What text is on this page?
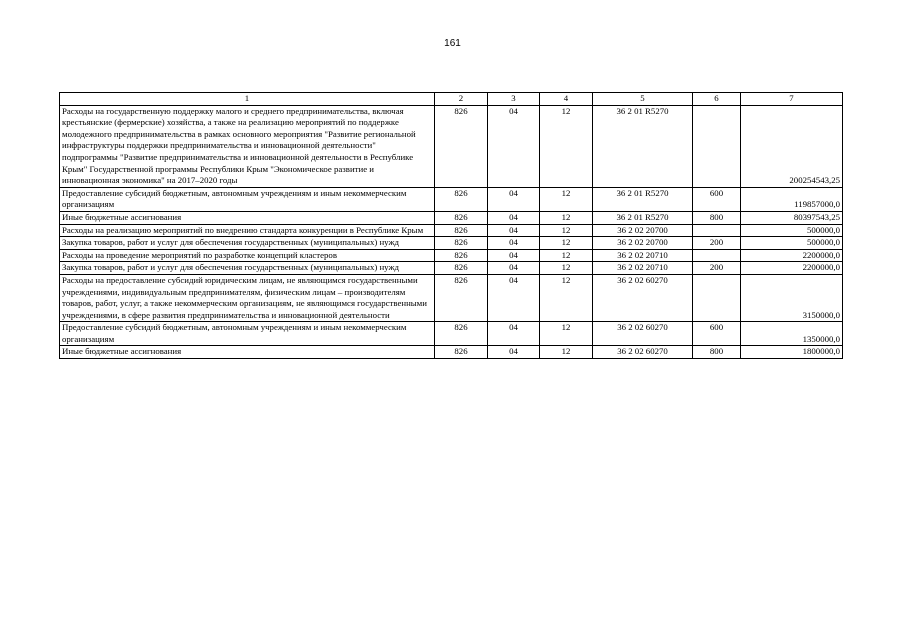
161
1	2	3	4	5	6	7
Расходы на государственную поддержку малого и среднего предпринимательства, включая крестьянские (фермерские) хозяйства, а также на реализацию мероприятий по поддержке молодежного предпринимательства в рамках основного мероприятия "Развитие региональной инфраструктуры поддержки предпринимательства и инновационной деятельности" подпрограммы "Развитие предпринимательства и инновационной деятельности в Республике Крым" Государственной программы Республики Крым "Экономическое развитие и инновационная экономика" на 2017–2020 годы	826	04	12	36 2 01 R5270		200254543,25
Предоставление субсидий бюджетным, автономным учреждениям и иным некоммерческим организациям	826	04	12	36 2 01 R5270	600	119857000,0
Иные бюджетные ассигнования	826	04	12	36 2 01 R5270	800	80397543,25
Расходы на реализацию мероприятий по внедрению стандарта конкуренции в Республике Крым	826	04	12	36 2 02 20700		500000,0
Закупка товаров, работ и услуг для обеспечения государственных (муниципальных) нужд	826	04	12	36 2 02 20700	200	500000,0
Расходы на проведение мероприятий по разработке концепций кластеров	826	04	12	36 2 02 20710		2200000,0
Закупка товаров, работ и услуг для обеспечения государственных (муниципальных) нужд	826	04	12	36 2 02 20710	200	2200000,0
Расходы на предоставление субсидий юридическим лицам, не являющимся государственными учреждениями, индивидуальным предпринимателям, физическим лицам – производителям товаров, работ, услуг, а также некоммерческим организациям, не являющимся государственными учреждениями, в сфере развития предпринимательства и инновационной деятельности	826	04	12	36 2 02 60270		3150000,0
Предоставление субсидий бюджетным, автономным учреждениям и иным некоммерческим организациям	826	04	12	36 2 02 60270	600	1350000,0
Иные бюджетные ассигнования	826	04	12	36 2 02 60270	800	1800000,0
